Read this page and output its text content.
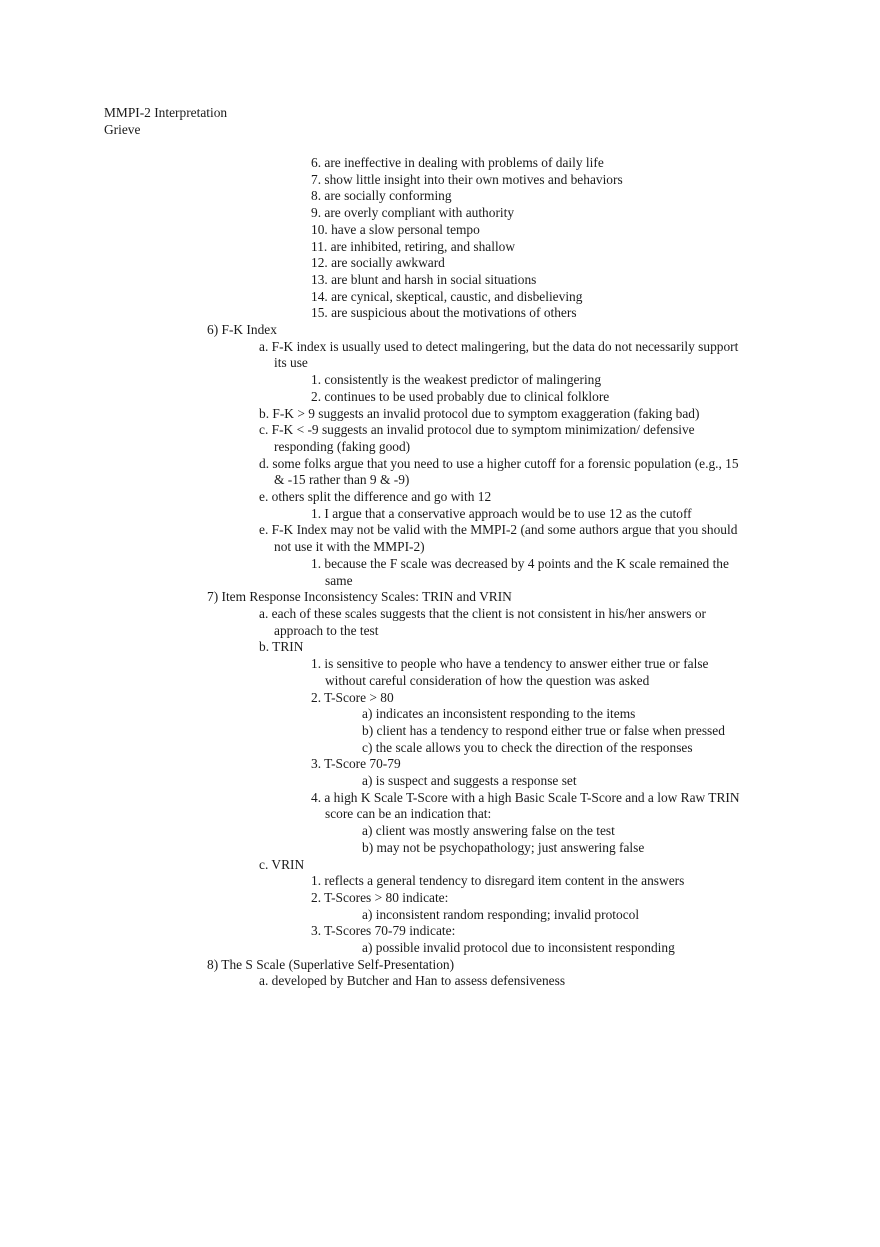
MMPI-2 Interpretation
Grieve
6. are ineffective in dealing with problems of daily life
7. show little insight into their own motives and behaviors
8. are socially conforming
9. are overly compliant with authority
10. have a slow personal tempo
11. are inhibited, retiring, and shallow
12. are socially awkward
13. are blunt and harsh in social situations
14. are cynical, skeptical, caustic, and disbelieving
15. are suspicious about the motivations of others
6) F-K Index
a. F-K index is usually used to detect malingering, but the data do not necessarily support
its use
1. consistently is the weakest predictor of malingering
2. continues to be used probably due to clinical folklore
b. F-K > 9 suggests an invalid protocol due to symptom exaggeration (faking bad)
c. F-K < -9 suggests an invalid protocol due to symptom minimization/ defensive
responding (faking good)
d. some folks argue that you need to use a higher cutoff for a forensic population (e.g., 15
& -15 rather than 9 & -9)
e. others split the difference and go with 12
1. I argue that a conservative approach would be to use 12 as the cutoff
e. F-K Index may not be valid with the MMPI-2 (and some authors argue that you should
not use it with the MMPI-2)
1. because the F scale was decreased by 4 points and the K scale remained the
same
7) Item Response Inconsistency Scales: TRIN and VRIN
a. each of these scales suggests that the client is not consistent in his/her answers or
approach to the test
b. TRIN
1. is sensitive to people who have a tendency to answer either true or false
without careful consideration of how the question was asked
2. T-Score > 80
a) indicates an inconsistent responding to the items
b) client has a tendency to respond either true or false when pressed
c) the scale allows you to check the direction of the responses
3. T-Score 70-79
a) is suspect and suggests a response set
4. a high K Scale T-Score with a high Basic Scale T-Score and a low Raw TRIN
score can be an indication that:
a) client was mostly answering false on the test
b) may not be psychopathology; just answering false
c. VRIN
1. reflects a general tendency to disregard item content in the answers
2. T-Scores > 80 indicate:
a) inconsistent random responding; invalid protocol
3. T-Scores 70-79 indicate:
a) possible invalid protocol due to inconsistent responding
8) The S Scale (Superlative Self-Presentation)
a. developed by Butcher and Han to assess defensiveness
